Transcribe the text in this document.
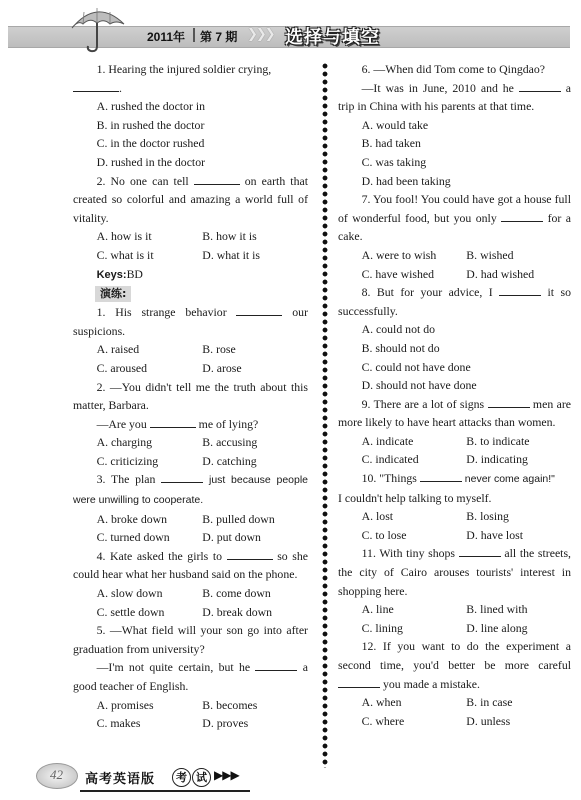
2011年 第 7 期 ❯❯❯ 选择与填空
1. Hearing the injured soldier crying,
.
A. rushed the doctor in
B. in rushed the doctor
C. in the doctor rushed
D. rushed in the doctor
2. No one can tell	on earth that created so colorful and amazing a world full of vitality.
A. how is it	B. how it is
C. what is it	D. what it is
Keys:BD
演练:
1. His strange behavior	our suspicions.
A. raised	B. rose
C. aroused	D. arose
2. —You didn't tell me the truth about this matter, Barbara.
—Are you	me of lying?
A. charging	B. accusing
C. criticizing	D. catching
3. The plan	just because people were unwilling to cooperate.
A. broke down	B. pulled down
C. turned down	D. put down
4. Kate asked the girls to	so she could hear what her husband said on the phone.
A. slow down	B. come down
C. settle down	D. break down
5. —What field will your son go into after graduation from university?
—I'm not quite certain, but he	a good teacher of English.
A. promises	B. becomes
C. makes	D. proves
6. —When did Tom come to Qingdao?
—It was in June, 2010 and he	a trip in China with his parents at that time.
A. would take
B. had taken
C. was taking
D. had been taking
7. You fool! You could have got a house full of wonderful food, but you only	for a cake.
A. were to wish	B. wished
C. have wished	D. had wished
8. But for your advice, I	it so successfully.
A. could not do
B. should not do
C. could not have done
D. should not have done
9. There are a lot of signs	men are more likely to have heart attacks than women.
A. indicate	B. to indicate
C. indicated	D. indicating
10. "Things	never come again!"
I couldn't help talking to myself.
A. lost	B. losing
C. to lose	D. have lost
11. With tiny shops	all the streets, the city of Cairo arouses tourists' interest in shopping here.
A. line	B. lined with
C. lining	D. line along
12. If you want to do the experiment a second time, you'd better be more careful  you made a mistake.
A. when	B. in case
C. where	D. unless
42 高考英语版	考 试 ▶▶▶
